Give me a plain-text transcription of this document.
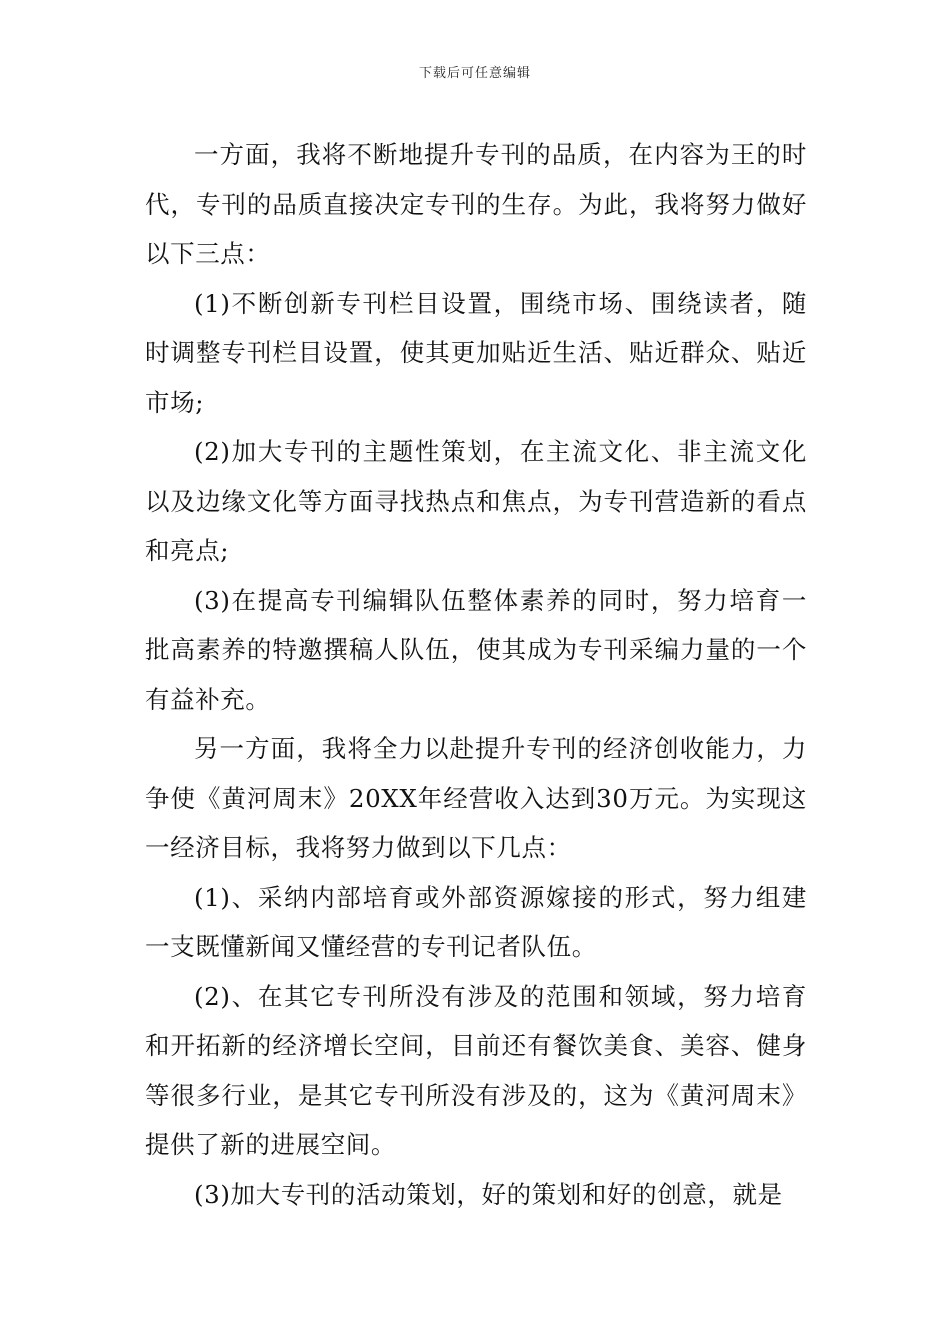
下载后可任意编辑

一方面，我将不断地提升专刊的品质，在内容为王的时代，专刊的品质直接决定专刊的生存。为此，我将努力做好以下三点：

(1)不断创新专刊栏目设置，围绕市场、围绕读者，随时调整专刊栏目设置，使其更加贴近生活、贴近群众、贴近市场;

(2)加大专刊的主题性策划，在主流文化、非主流文化以及边缘文化等方面寻找热点和焦点，为专刊营造新的看点和亮点;

(3)在提高专刊编辑队伍整体素养的同时，努力培育一批高素养的特邀撰稿人队伍，使其成为专刊采编力量的一个有益补充。

另一方面，我将全力以赴提升专刊的经济创收能力，力争使《黄河周末》20XX年经营收入达到30万元。为实现这一经济目标，我将努力做到以下几点：

(1)、采纳内部培育或外部资源嫁接的形式，努力组建一支既懂新闻又懂经营的专刊记者队伍。

(2)、在其它专刊所没有涉及的范围和领域，努力培育和开拓新的经济增长空间，目前还有餐饮美食、美容、健身等很多行业，是其它专刊所没有涉及的，这为《黄河周末》提供了新的进展空间。

(3)加大专刊的活动策划，好的策划和好的创意，就是
